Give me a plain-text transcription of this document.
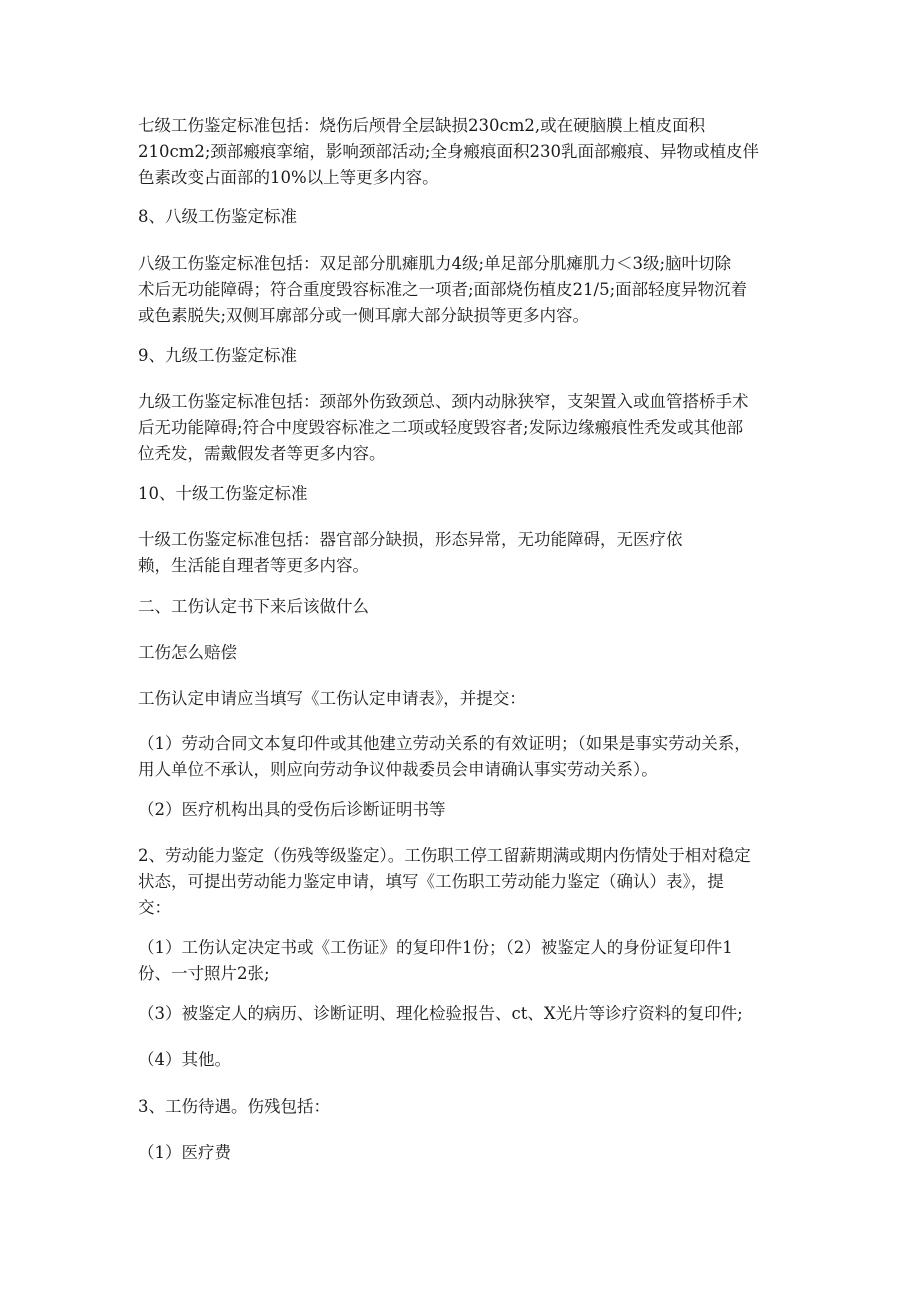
七级工伤鉴定标准包括：烧伤后颅骨全层缺损230cm2,或在硬脑膜上植皮面积
210cm2;颈部瘢痕挛缩，影响颈部活动;全身瘢痕面积230乳面部瘢痕、异物或植皮伴
色素改变占面部的10%以上等更多内容。
8、八级工伤鉴定标准
八级工伤鉴定标准包括：双足部分肌瘫肌力4级;单足部分肌瘫肌力＜3级;脑叶切除
术后无功能障碍；符合重度毁容标准之一项者;面部烧伤植皮21/5;面部轻度异物沉着
或色素脱失;双侧耳廓部分或一侧耳廓大部分缺损等更多内容。
9、九级工伤鉴定标准
九级工伤鉴定标准包括：颈部外伤致颈总、颈内动脉狭窄，支架置入或血管搭桥手术
后无功能障碍;符合中度毁容标准之二项或轻度毁容者;发际边缘瘢痕性秃发或其他部
位秃发，需戴假发者等更多内容。
10、十级工伤鉴定标准
十级工伤鉴定标准包括：器官部分缺损，形态异常，无功能障碍，无医疗依
赖，生活能自理者等更多内容。
二、工伤认定书下来后该做什么
工伤怎么赔偿
工伤认定申请应当填写《工伤认定申请表》，并提交：
（1）劳动合同文本复印件或其他建立劳动关系的有效证明；（如果是事实劳动关系，
用人单位不承认，则应向劳动争议仲裁委员会申请确认事实劳动关系）。
（2）医疗机构出具的受伤后诊断证明书等
2、劳动能力鉴定（伤残等级鉴定）。工伤职工停工留薪期满或期内伤情处于相对稳定
状态，可提出劳动能力鉴定申请，填写《工伤职工劳动能力鉴定（确认）表》，提
交：
（1）工伤认定决定书或《工伤证》的复印件1份；（2）被鉴定人的身份证复印件1
份、一寸照片2张;
（3）被鉴定人的病历、诊断证明、理化检验报告、ct、X光片等诊疗资料的复印件;
（4）其他。
3、工伤待遇。伤残包括：
（1）医疗费
